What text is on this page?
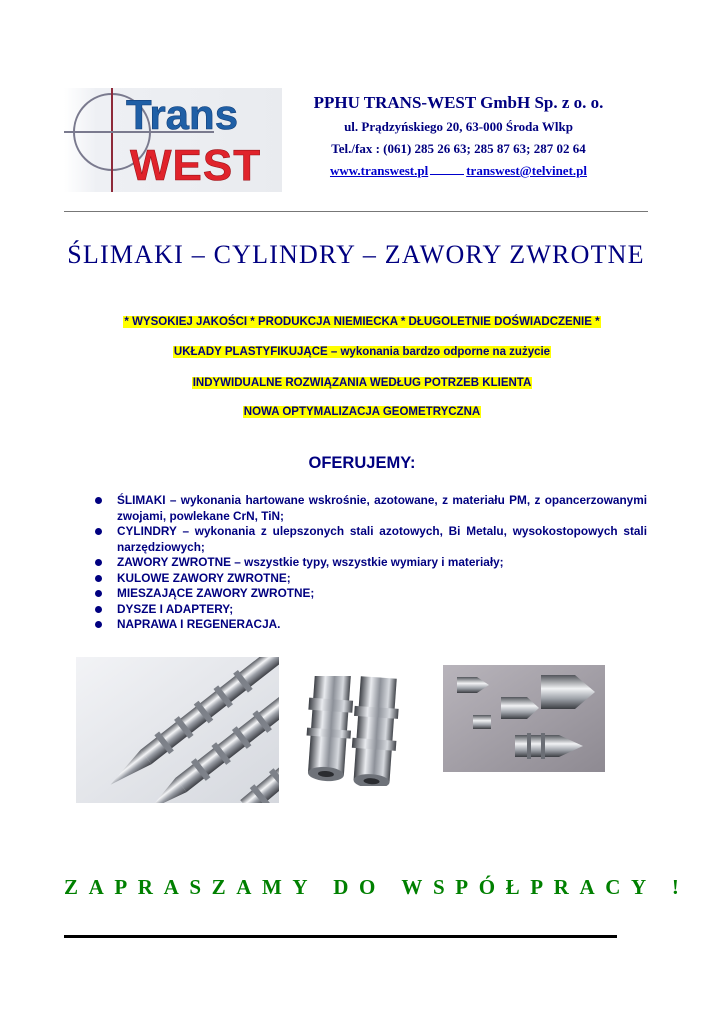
Trans
WEST
PPHU TRANS-WEST GmbH Sp. z o. o.
ul. Prądzyńskiego 20, 63-000 Środa Wlkp
Tel./fax : (061) 285 26 63; 285 87 63; 287 02 64
www.transwest.pl	transwest@telvinet.pl
ŚLIMAKI – CYLINDRY – ZAWORY ZWROTNE
* WYSOKIEJ JAKOŚCI * PRODUKCJA NIEMIECKA * DŁUGOLETNIE DOŚWIADCZENIE *
UKŁADY PLASTYFIKUJĄCE – wykonania bardzo odporne na zużycie
INDYWIDUALNE ROZWIĄZANIA WEDŁUG POTRZEB KLIENTA
NOWA OPTYMALIZACJA GEOMETRYCZNA
OFERUJEMY:
ŚLIMAKI – wykonania hartowane wskrośnie, azotowane, z materiału PM, z opancerzowanymi zwojami, powlekane CrN, TiN;
CYLINDRY – wykonania z ulepszonych stali azotowych, Bi Metalu, wysokostopowych stali narzędziowych;
ZAWORY ZWROTNE – wszystkie typy, wszystkie wymiary i materiały;
KULOWE ZAWORY ZWROTNE;
MIESZAJĄCE ZAWORY ZWROTNE;
DYSZE I ADAPTERY;
NAPRAWA I REGENERACJA.
ZAPRASZAMY DO WSPÓŁPRACY !
